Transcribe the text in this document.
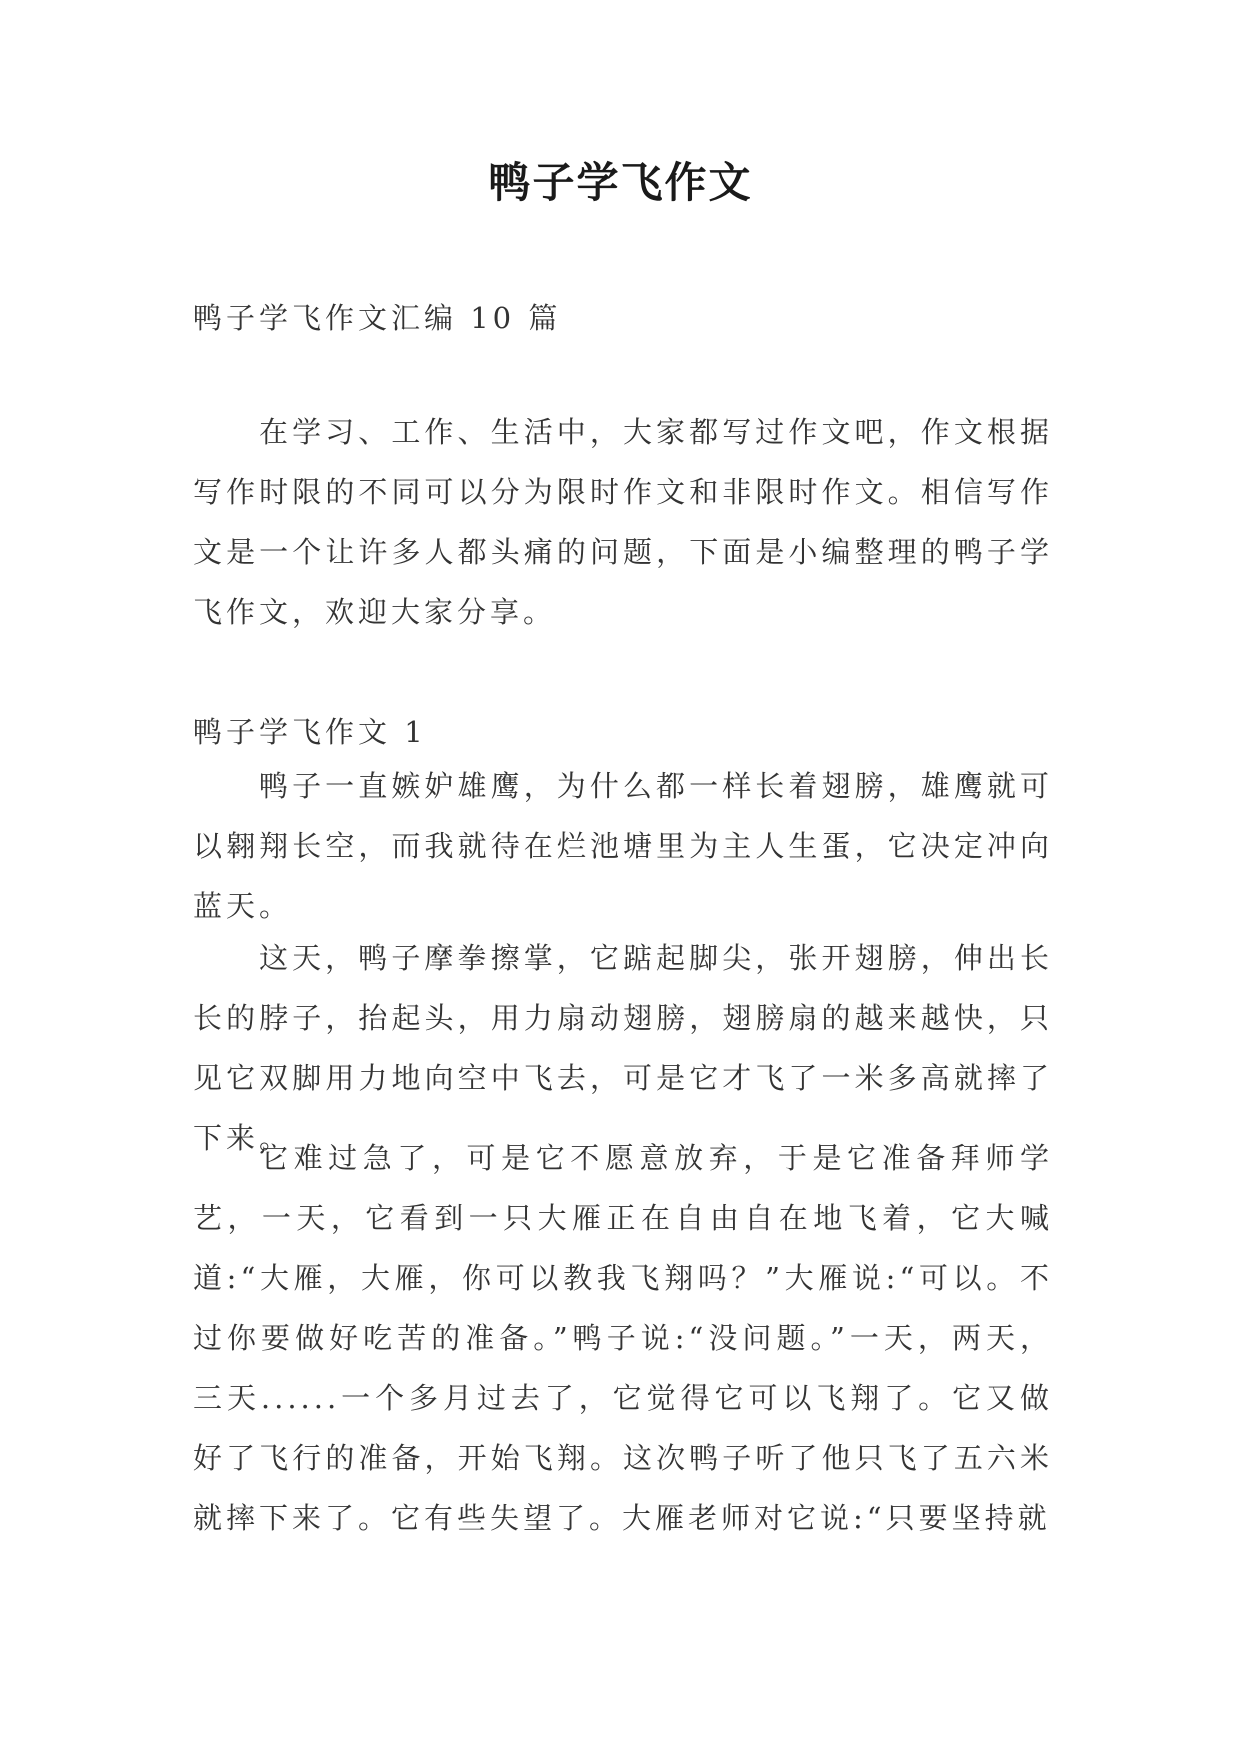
鸭子学飞作文

鸭子学飞作文汇编 10 篇

在学习、工作、生活中，大家都写过作文吧，作文根据写作时限的不同可以分为限时作文和非限时作文。相信写作文是一个让许多人都头痛的问题，下面是小编整理的鸭子学飞作文，欢迎大家分享。

鸭子学飞作文 1

鸭子一直嫉妒雄鹰，为什么都一样长着翅膀，雄鹰就可以翱翔长空，而我就待在烂池塘里为主人生蛋，它决定冲向蓝天。

这天，鸭子摩拳擦掌，它踮起脚尖，张开翅膀，伸出长长的脖子，抬起头，用力扇动翅膀，翅膀扇的越来越快，只见它双脚用力地向空中飞去，可是它才飞了一米多高就摔了下来。

它难过急了，可是它不愿意放弃，于是它准备拜师学艺，一天，它看到一只大雁正在自由自在地飞着，它大喊道:“大雁，大雁，你可以教我飞翔吗？”大雁说:“可以。不过你要做好吃苦的准备。”鸭子说:“没问题。”一天，两天，三天......一个多月过去了，它觉得它可以飞翔了。它又做好了飞行的准备，开始飞翔。这次鸭子听了他只飞了五六米就摔下来了。它有些失望了。大雁老师对它说:“只要坚持就
